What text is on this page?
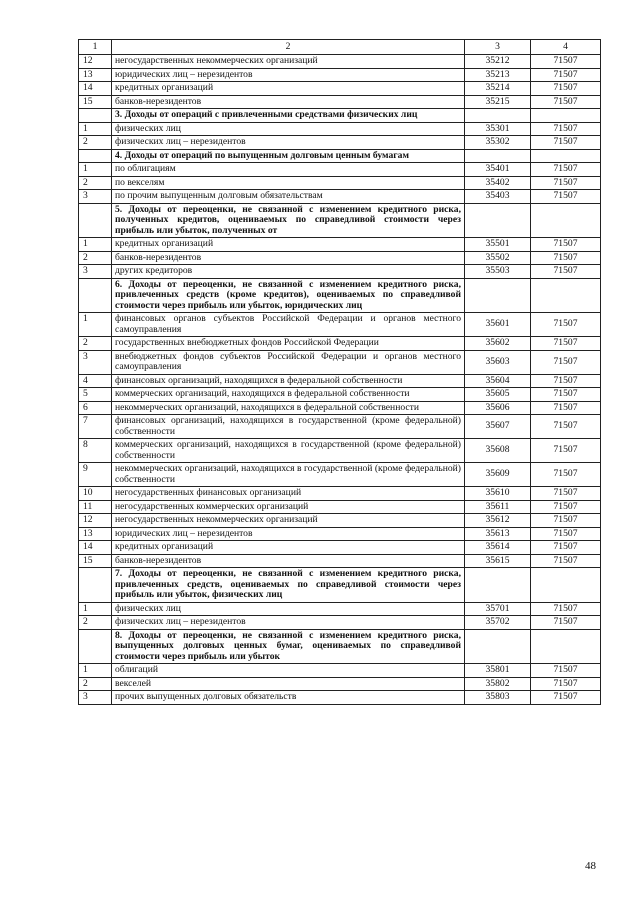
1	2	3	4
12	негосударственных некоммерческих организаций	35212	71507
13	юридических лиц – нерезидентов	35213	71507
14	кредитных организаций	35214	71507
15	банков-нерезидентов	35215	71507
	3. Доходы от операций с привлеченными средствами физических лиц		
1	физических лиц	35301	71507
2	физических лиц – нерезидентов	35302	71507
	4. Доходы от операций по выпущенным долговым ценным бумагам		
1	по облигациям	35401	71507
2	по векселям	35402	71507
3	по прочим выпущенным долговым обязательствам	35403	71507
	5. Доходы от переоценки, не связанной с изменением кредитного риска, полученных кредитов, оцениваемых по справедливой стоимости через прибыль или убыток, полученных от		
1	кредитных организаций	35501	71507
2	банков-нерезидентов	35502	71507
3	других кредиторов	35503	71507
	6. Доходы от переоценки, не связанной с изменением кредитного риска, привлеченных средств (кроме кредитов), оцениваемых по справедливой стоимости через прибыль или убыток, юридических лиц		
1	финансовых органов субъектов Российской Федерации и органов местного самоуправления	35601	71507
2	государственных внебюджетных фондов Российской Федерации	35602	71507
3	внебюджетных фондов субъектов Российской Федерации и органов местного самоуправления	35603	71507
4	финансовых организаций, находящихся в федеральной собственности	35604	71507
5	коммерческих организаций, находящихся в федеральной собственности	35605	71507
6	некоммерческих организаций, находящихся в федеральной собственности	35606	71507
7	финансовых организаций, находящихся в государственной (кроме федеральной) собственности	35607	71507
8	коммерческих организаций, находящихся в государственной (кроме федеральной) собственности	35608	71507
9	некоммерческих организаций, находящихся в государственной (кроме федеральной) собственности	35609	71507
10	негосударственных финансовых организаций	35610	71507
11	негосударственных коммерческих организаций	35611	71507
12	негосударственных некоммерческих организаций	35612	71507
13	юридических лиц – нерезидентов	35613	71507
14	кредитных организаций	35614	71507
15	банков-нерезидентов	35615	71507
	7. Доходы от переоценки, не связанной с изменением кредитного риска, привлеченных средств, оцениваемых по справедливой стоимости через прибыль или убыток, физических лиц		
1	физических лиц	35701	71507
2	физических лиц – нерезидентов	35702	71507
	8. Доходы от переоценки, не связанной с изменением кредитного риска, выпущенных долговых ценных бумаг, оцениваемых по справедливой стоимости через прибыль или убыток		
1	облигаций	35801	71507
2	векселей	35802	71507
3	прочих выпущенных долговых обязательств	35803	71507
48
